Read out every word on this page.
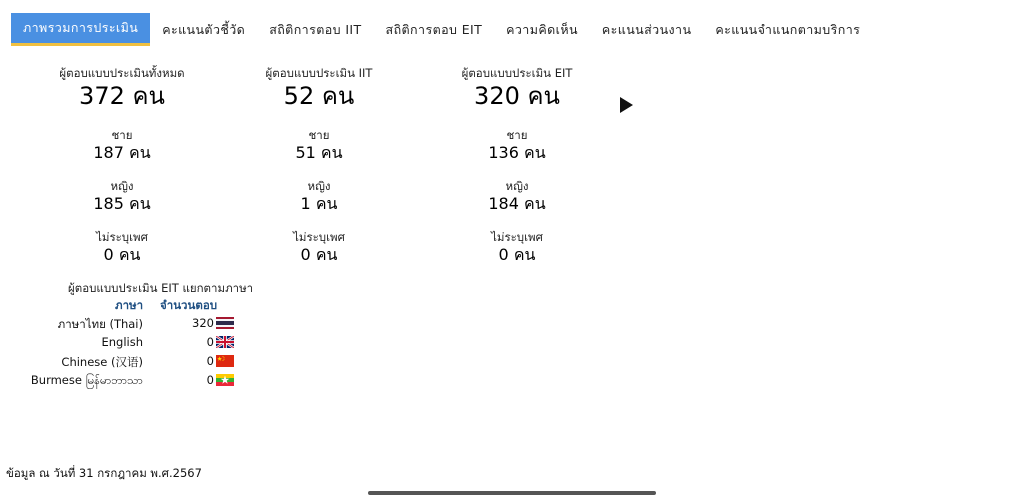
ภาพรวมการประเมิน	คะแนนตัวชี้วัด	สถิติการตอบ IIT	สถิติการตอบ EIT	ความคิดเห็น	คะแนนส่วนงาน	คะแนนจำแนกตามบริการ
ผู้ตอบแบบประเมินทั้งหมด
372 คน
ชาย
187 คน
หญิง
185 คน
ไม่ระบุเพศ
0 คน
ผู้ตอบแบบประเมิน IIT
52 คน
ชาย
51 คน
หญิง
1 คน
ไม่ระบุเพศ
0 คน
ผู้ตอบแบบประเมิน EIT
320 คน
ชาย
136 คน
หญิง
184 คน
ไม่ระบุเพศ
0 คน
ผู้ตอบแบบประเมิน EIT แยกตามภาษา
ภาษา จำนวนตอบ
ภาษาไทย (Thai)	320
English	0
Chinese (汉语)	0
Burmese မြန်မာဘာသာ	0
ข้อมูล ณ วันที่ 31 กรกฎาคม พ.ศ.2567
